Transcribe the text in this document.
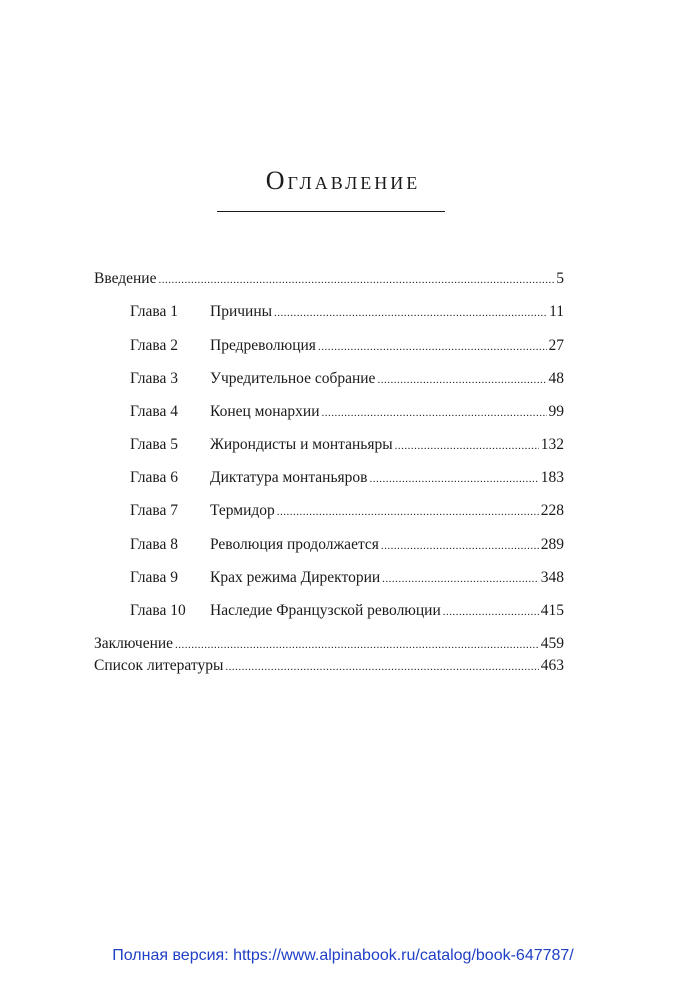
Оглавление
Введение .....	5
Глава 1	Причины .....	11
Глава 2	Предреволюция .....	27
Глава 3	Учредительное собрание .....	48
Глава 4	Конец монархии .....	99
Глава 5	Жирондисты и монтаньяры .....	132
Глава 6	Диктатура монтаньяров .....	183
Глава 7	Термидор .....	228
Глава 8	Революция продолжается .....	289
Глава 9	Крах режима Директории .....	348
Глава 10	Наследие Французской революции .....	415
Заключение .....	459
Список литературы .....	463
Полная версия: https://www.alpinabook.ru/catalog/book-647787/
